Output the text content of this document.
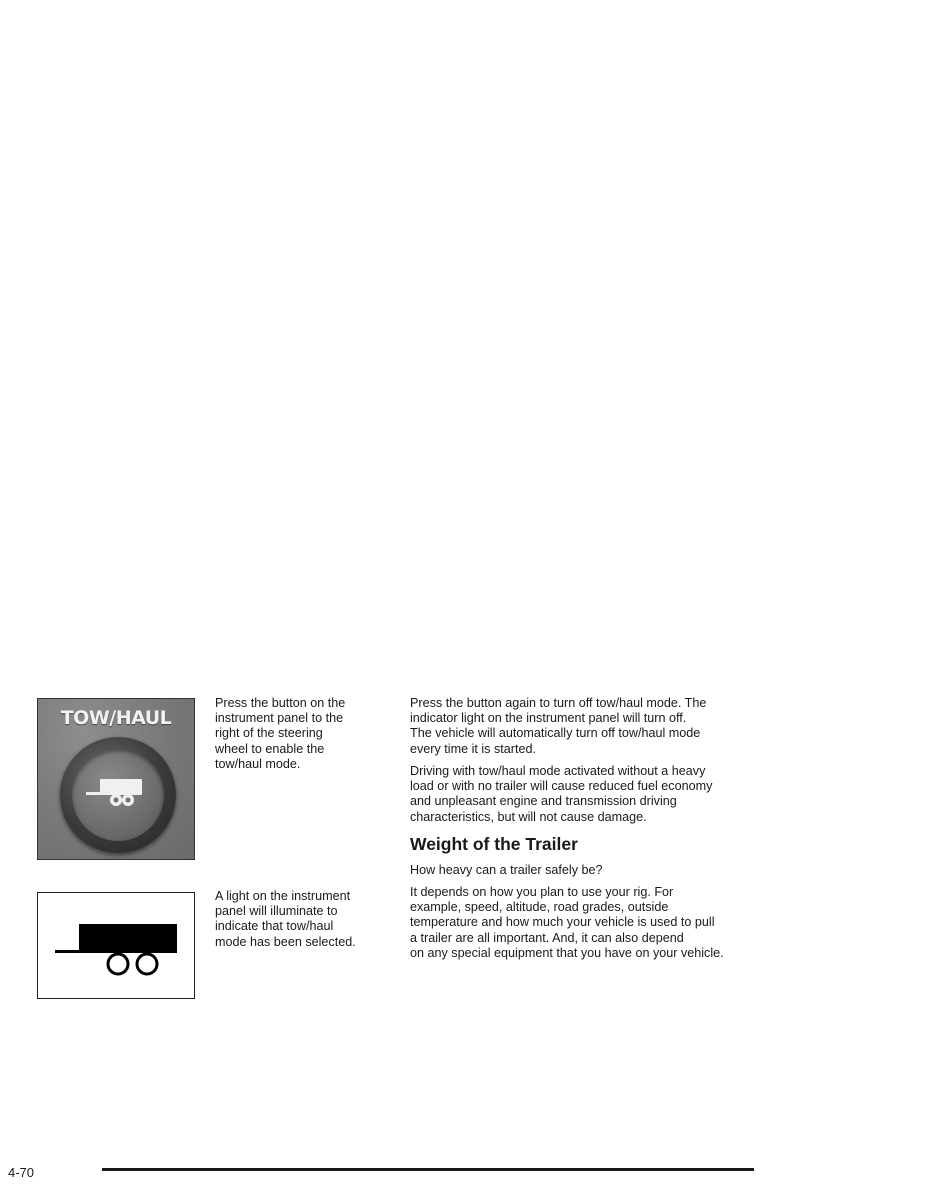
TOW/HAUL
Press the button on the
instrument panel to the
right of the steering
wheel to enable the
tow/haul mode.
A light on the instrument
panel will illuminate to
indicate that tow/haul
mode has been selected.
Press the button again to turn off tow/haul mode. The
indicator light on the instrument panel will turn off.
The vehicle will automatically turn off tow/haul mode
every time it is started.
Driving with tow/haul mode activated without a heavy
load or with no trailer will cause reduced fuel economy
and unpleasant engine and transmission driving
characteristics, but will not cause damage.
Weight of the Trailer
How heavy can a trailer safely be?
It depends on how you plan to use your rig. For
example, speed, altitude, road grades, outside
temperature and how much your vehicle is used to pull
a trailer are all important. And, it can also depend
on any special equipment that you have on your vehicle.
4-70
